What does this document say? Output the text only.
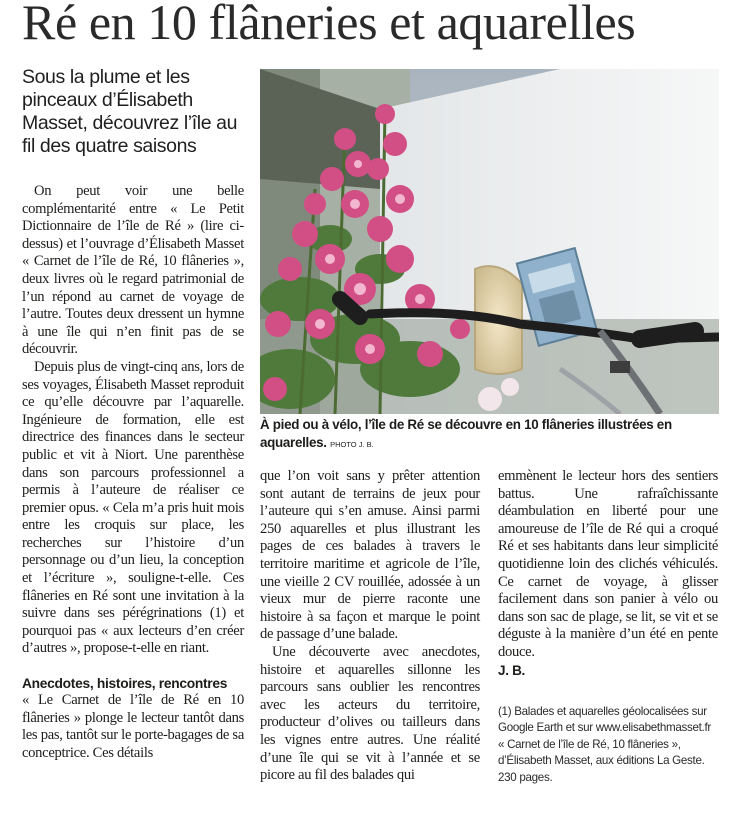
Ré en 10 flâneries et aquarelles
Sous la plume et les pinceaux d’Élisabeth Masset, découvrez l’île au fil des quatre saisons

On peut voir une belle complémentarité entre « Le Petit Dictionnaire de l’île de Ré » (lire ci-dessus) et l’ouvrage d’Élisabeth Masset « Carnet de l’île de Ré, 10 flâneries », deux livres où le regard patrimonial de l’un répond au carnet de voyage de l’autre. Toutes deux dressent un hymne à une île qui n’en finit pas de se découvrir.

Depuis plus de vingt-cinq ans, lors de ses voyages, Élisabeth Masset reproduit ce qu’elle découvre par l’aquarelle. Ingénieure de formation, elle est directrice des finances dans le secteur public et vit à Niort. Une parenthèse dans son parcours professionnel a permis à l’auteure de réaliser ce premier opus. « Cela m’a pris huit mois entre les croquis sur place, les recherches sur l’histoire d’un personnage ou d’un lieu, la conception et l’écriture », souligne-t-elle. Ces flâneries en Ré sont une invitation à la suivre dans ses pérégrinations (1) et pourquoi pas « aux lecteurs d’en créer d’autres », propose-t-elle en riant.

Anecdotes, histoires, rencontres

« Le Carnet de l’île de Ré en 10 flâneries » plonge le lecteur tantôt dans les pas, tantôt sur le porte-bagages de sa conceptrice. Ces détails

À pied ou à vélo, l’île de Ré se découvre en 10 flâneries illustrées en aquarelles. PHOTO J. B.

que l’on voit sans y prêter attention sont autant de terrains de jeux pour l’auteure qui s’en amuse. Ainsi parmi 250 aquarelles et plus illustrant les pages de ces balades à travers le territoire maritime et agricole de l’île, une vieille 2 CV rouillée, adossée à un vieux mur de pierre raconte une histoire à sa façon et marque le point de passage d’une balade.

Une découverte avec anecdotes, histoire et aquarelles sillonne les parcours sans oublier les rencontres avec les acteurs du territoire, producteur d’olives ou tailleurs dans les vignes entre autres. Une réalité d’une île qui se vit à l’année et se picore au fil des balades qui

emmènent le lecteur hors des sentiers battus. Une rafraîchissante déambulation en liberté pour une amoureuse de l’île de Ré qui a croqué Ré et ses habitants dans leur simplicité quotidienne loin des clichés véhiculés. Ce carnet de voyage, à glisser facilement dans son panier à vélo ou dans son sac de plage, se lit, se vit et se déguste à la manière d’un été en pente douce.

J. B.

(1) Balades et aquarelles géolocalisées sur Google Earth et sur www.elisabethmasset.fr

« Carnet de l’île de Ré, 10 flâneries », d’Élisabeth Masset, aux éditions La Geste. 230 pages.
